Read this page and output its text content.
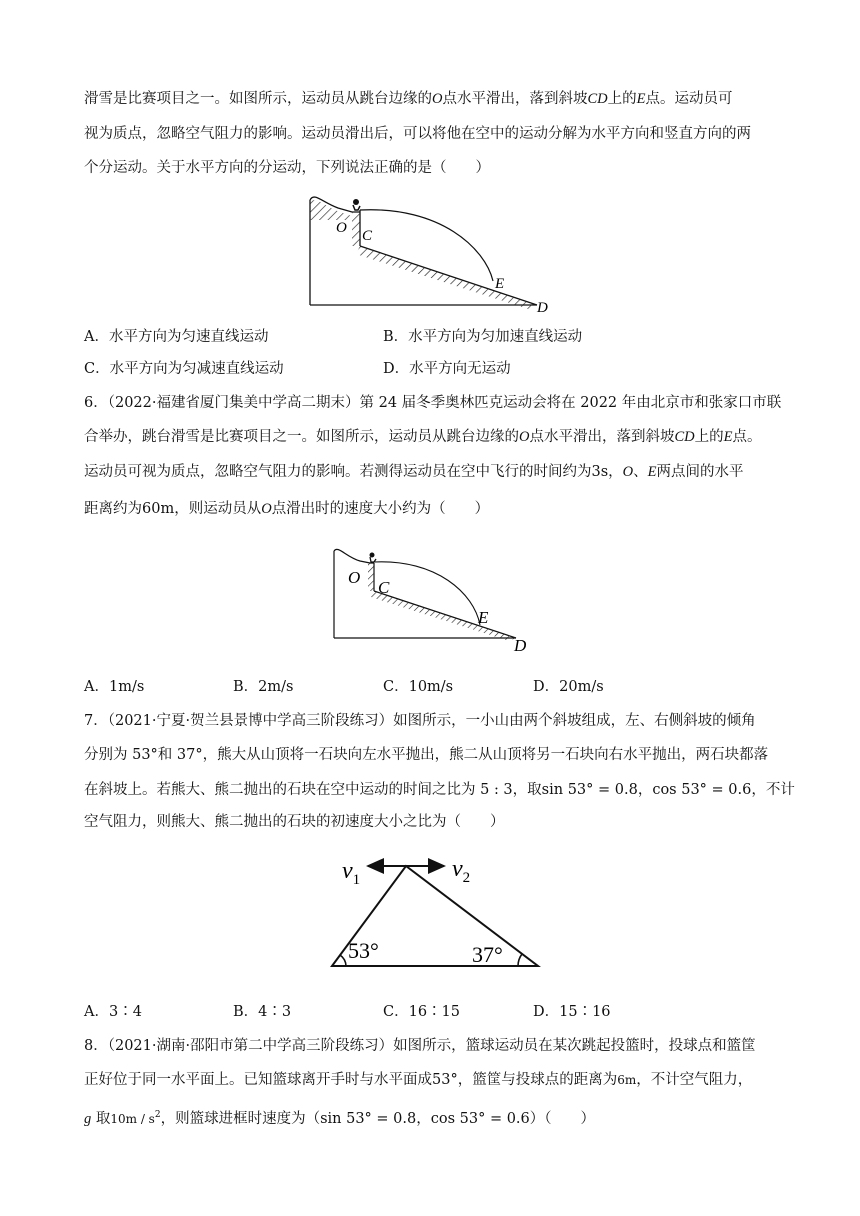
滑雪是比赛项目之一。如图所示，运动员从跳台边缘的O点水平滑出，落到斜坡CD上的E点。运动员可
视为质点，忽略空气阻力的影响。运动员滑出后，可以将他在空中的运动分解为水平方向和竖直方向的两
个分运动。关于水平方向的分运动，下列说法正确的是（　　）
O C
E
D
A．水平方向为匀速直线运动	B．水平方向为匀加速直线运动
C．水平方向为匀减速直线运动	D．水平方向无运动
6．（2022·福建省厦门集美中学高二期末）第 24 届冬季奥林匹克运动会将在 2022 年由北京市和张家口市联
合举办，跳台滑雪是比赛项目之一。如图所示，运动员从跳台边缘的O点水平滑出，落到斜坡CD上的E点。
运动员可视为质点，忽略空气阻力的影响。若测得运动员在空中飞行的时间约为3s，O、E两点间的水平
距离约为60m，则运动员从O点滑出时的速度大小约为（　　）
O
C
E
D
A．1m/s	B．2m/s	C．10m/s	D．20m/s
7．（2021·宁夏·贺兰县景博中学高三阶段练习）如图所示，一小山由两个斜坡组成，左、右侧斜坡的倾角
分别为 53°和 37°，熊大从山顶将一石块向左水平抛出，熊二从山顶将另一石块向右水平抛出，两石块都落
在斜坡上。若熊大、熊二抛出的石块在空中运动的时间之比为 5 : 3，取sin 53° = 0.8，cos 53° = 0.6，不计
空气阻力，则熊大、熊二抛出的石块的初速度大小之比为（　　）
$v_1$	$v_2$
53°	37°
A．3∶4	B．4∶3	C．16∶15	D．15∶16
8．（2021·湖南·邵阳市第二中学高三阶段练习）如图所示，篮球运动员在某次跳起投篮时，投球点和篮筐
正好位于同一水平面上。已知篮球离开手时与水平面成53°，篮筐与投球点的距离为6m，不计空气阻力，
g 取$10m / s^2$，则篮球进框时速度为（sin 53° = 0.8，cos 53° = 0.6）（　　）
